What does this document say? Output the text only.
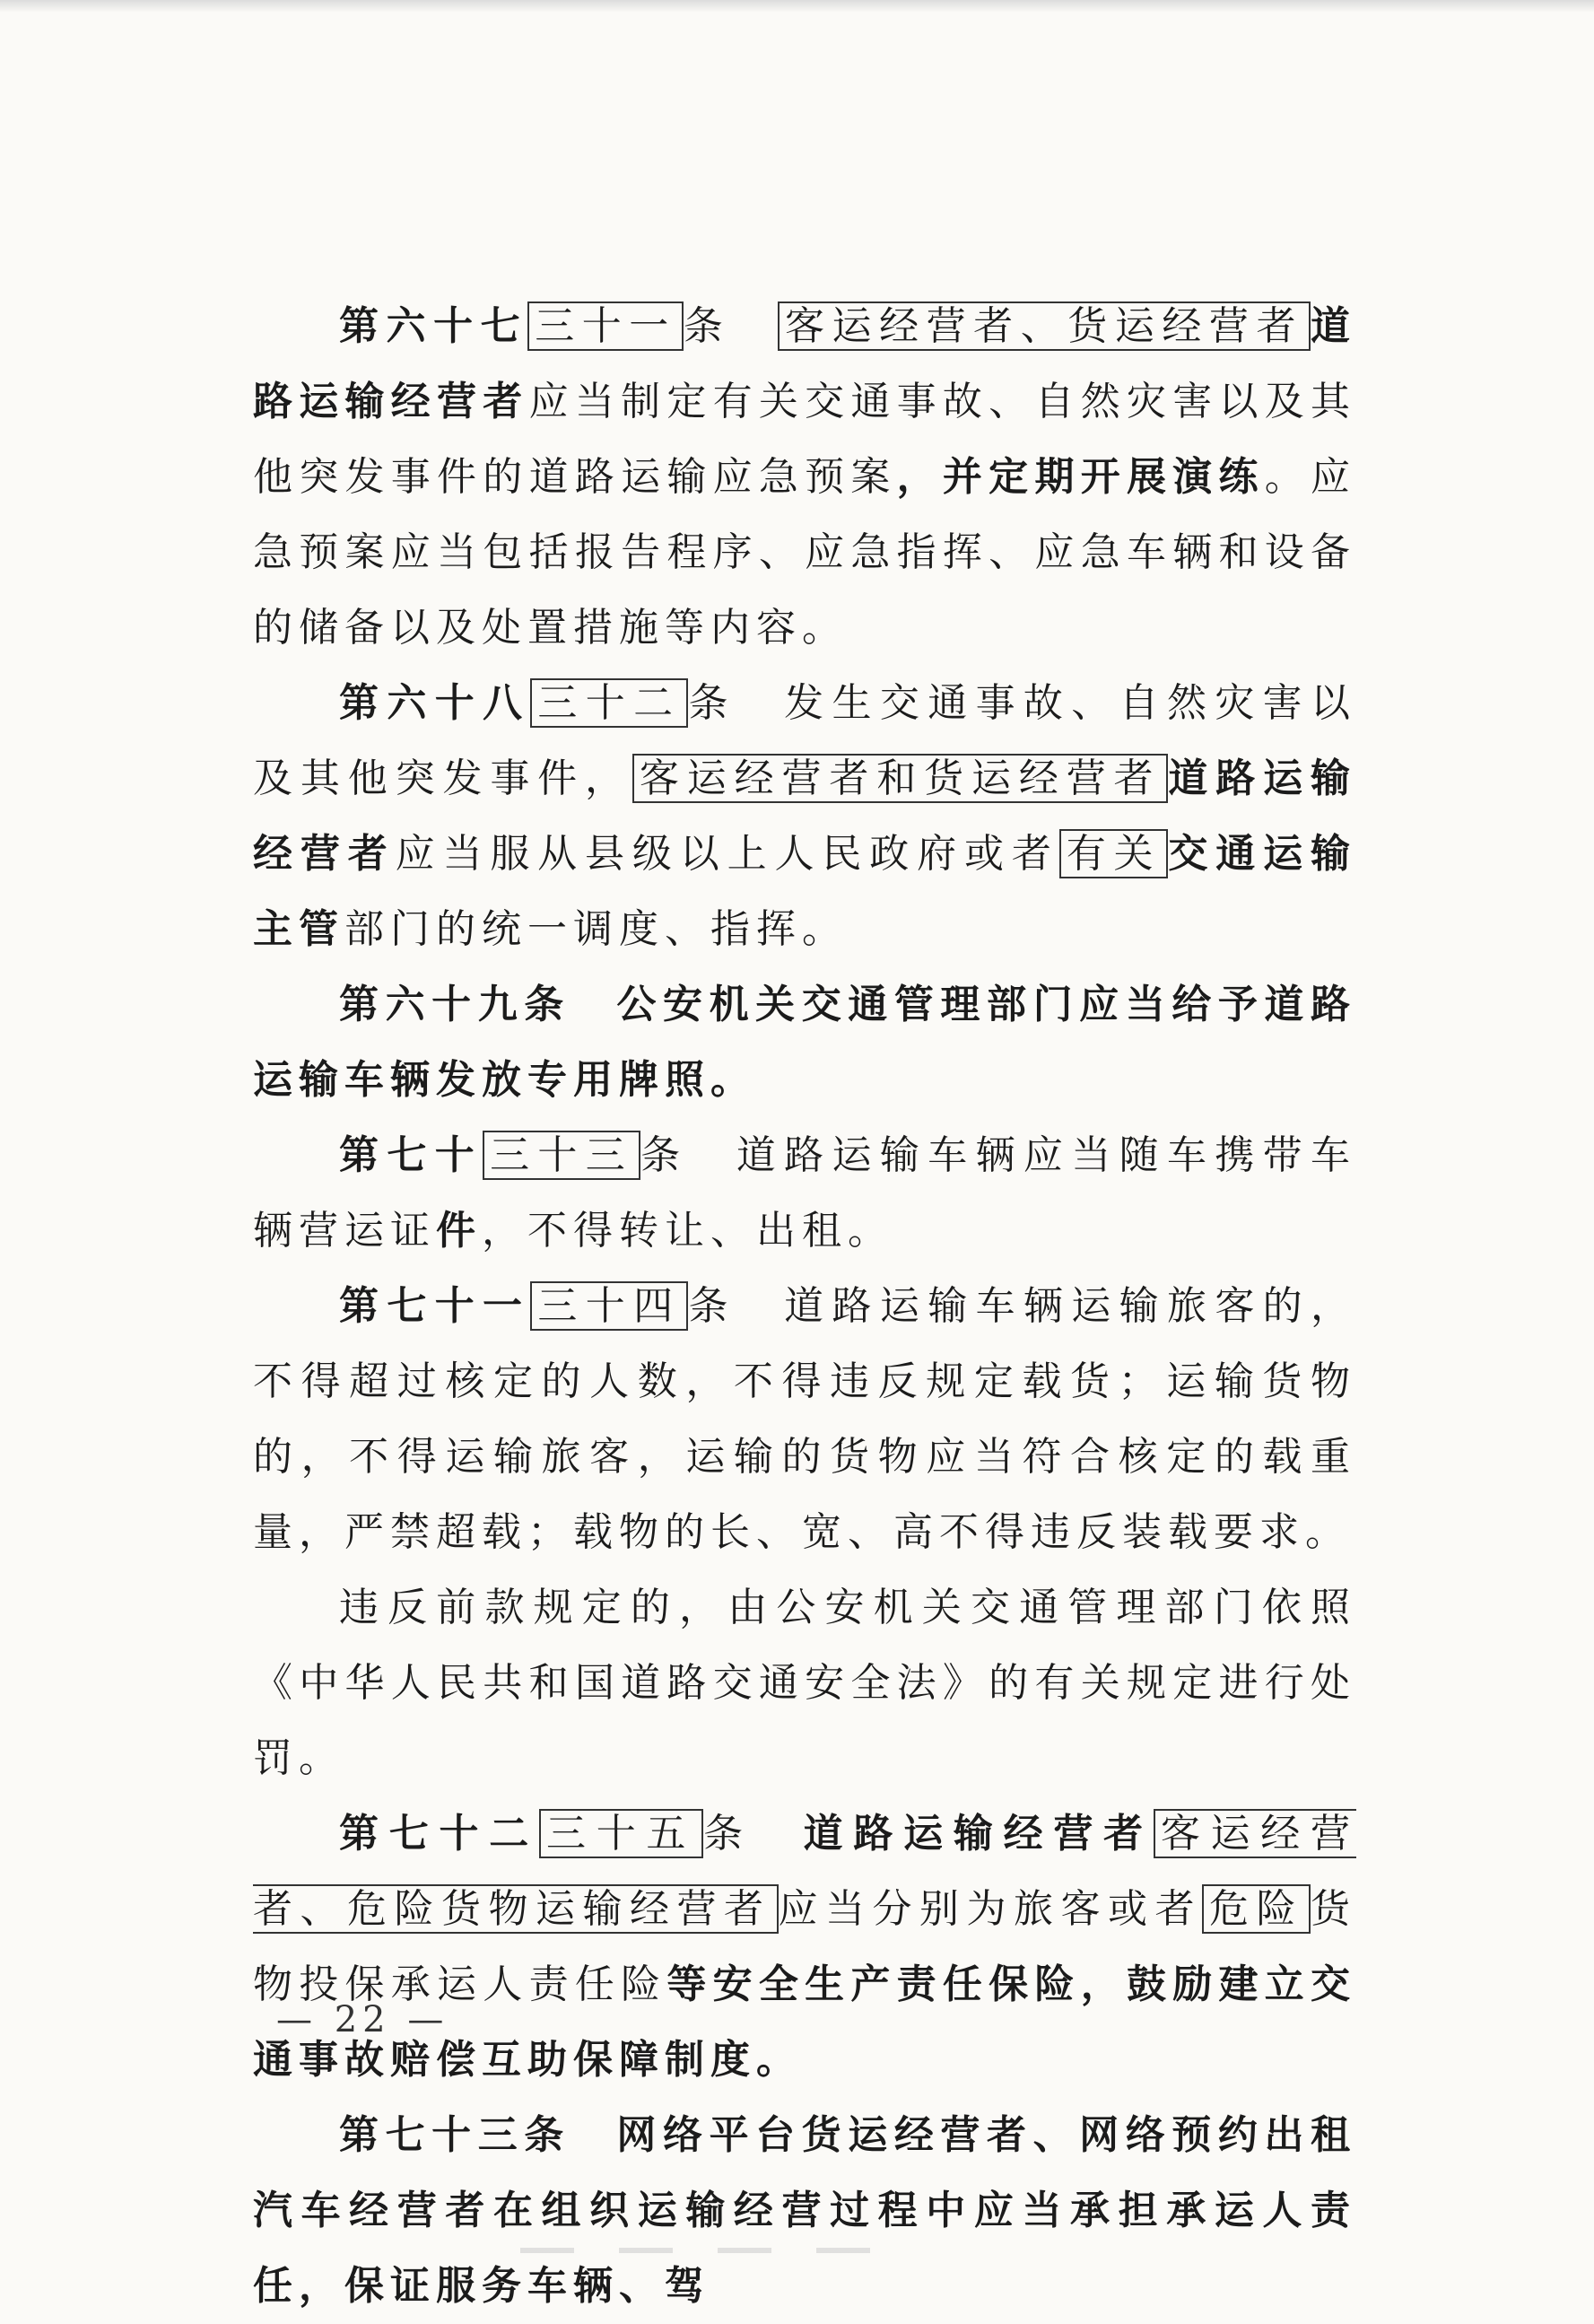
第六十七 三十一 条　客运经营者、货运经营者 道路运输经营者应当制定有关交通事故、自然灾害以及其他突发事件的道路运输应急预案，并定期开展演练。应急预案应当包括报告程序、应急指挥、应急车辆和设备的储备以及处置措施等内容。

第六十八 三十二 条　发生交通事故、自然灾害以及其他突发事件， 客运经营者和货运经营者 道路运输经营者应当服从县级以上人民政府或者 有关 交通运输主管部门的统一调度、指挥。

第六十九条　公安机关交通管理部门应当给予道路运输车辆发放专用牌照。

第七十 三十三 条　道路运输车辆应当随车携带车辆营运证件，不得转让、出租。

第七十一 三十四 条　道路运输车辆运输旅客的，不得超过核定的人数，不得违反规定载货；运输货物的，不得运输旅客，运输的货物应当符合核定的载重量，严禁超载；载物的长、宽、高不得违反装载要求。

违反前款规定的，由公安机关交通管理部门依照《中华人民共和国道路交通安全法》的有关规定进行处罚。

第七十二 三十五 条　道路运输经营者 客运经营者、危险货物运输经营者 应当分别为旅客或者 危险 货物投保承运人责任险等安全生产责任保险，鼓励建立交通事故赔偿互助保障制度。

第七十三条　网络平台货运经营者、网络预约出租汽车经营者在组织运输经营过程中应当承担承运人责任，保证服务车辆、驾

— 22 —
